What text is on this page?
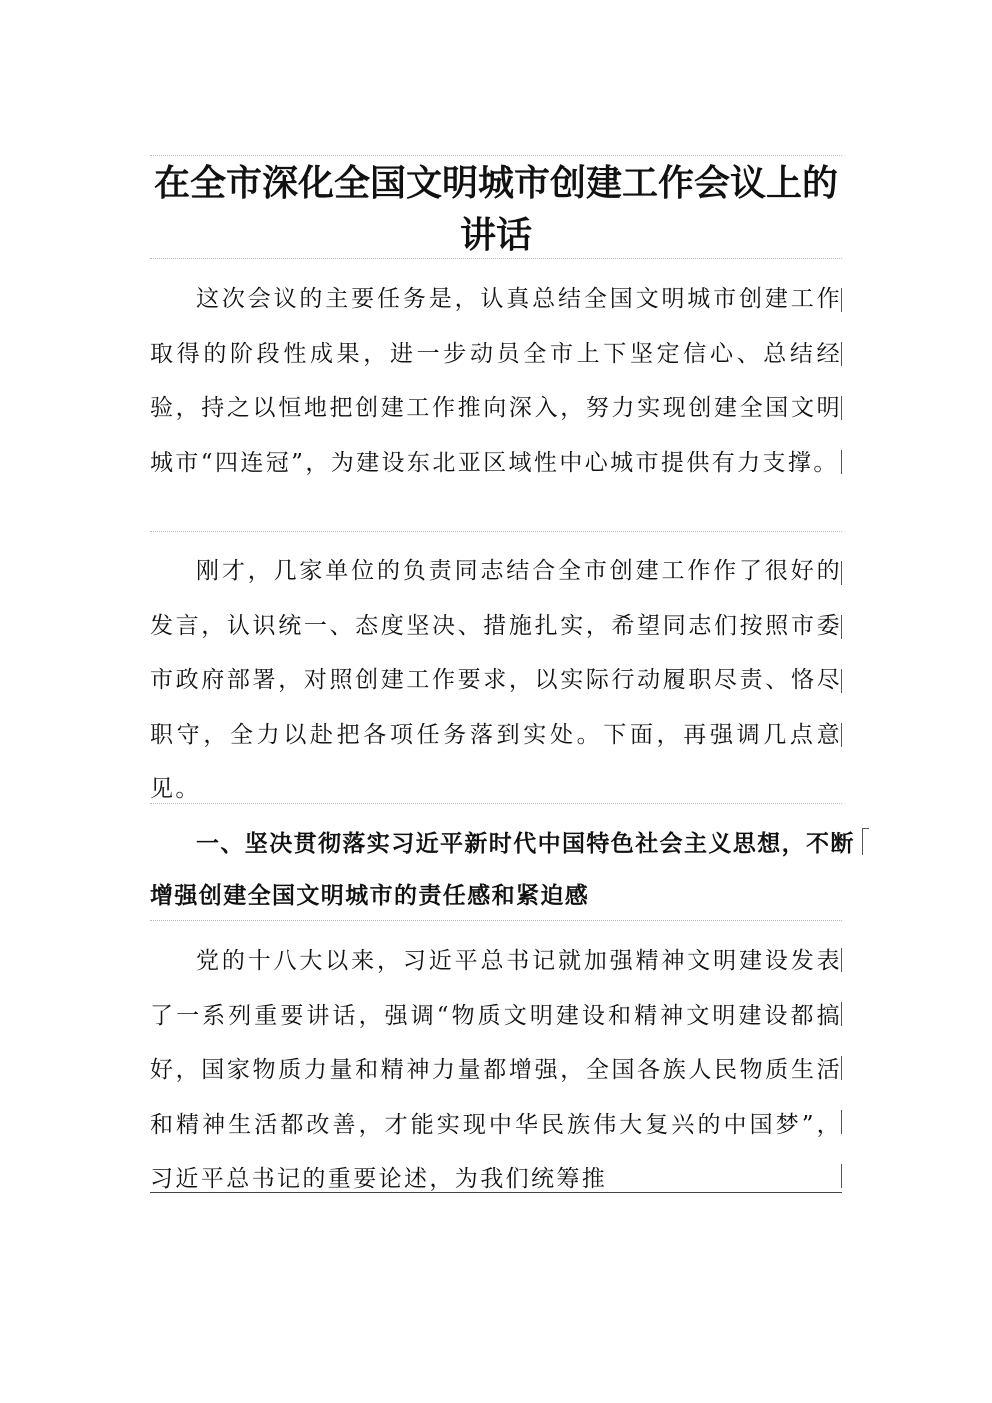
在全市深化全国文明城市创建工作会议上的讲话
这次会议的主要任务是，认真总结全国文明城市创建工作取得的阶段性成果，进一步动员全市上下坚定信心、总结经验，持之以恒地把创建工作推向深入，努力实现创建全国文明城市“四连冠”，为建设东北亚区域性中心城市提供有力支撑。
刚才，几家单位的负责同志结合全市创建工作作了很好的发言，认识统一、态度坚决、措施扎实，希望同志们按照市委市政府部署，对照创建工作要求，以实际行动履职尽责、恪尽职守，全力以赴把各项任务落到实处。下面，再强调几点意见。
一、坚决贯彻落实习近平新时代中国特色社会主义思想，不断增强创建全国文明城市的责任感和紧迫感
党的十八大以来，习近平总书记就加强精神文明建设发表了一系列重要讲话，强调“物质文明建设和精神文明建设都搞好，国家物质力量和精神力量都增强，全国各族人民物质生活和精神生活都改善，才能实现中华民族伟大复兴的中国梦”，习近平总书记的重要论述，为我们统筹推
